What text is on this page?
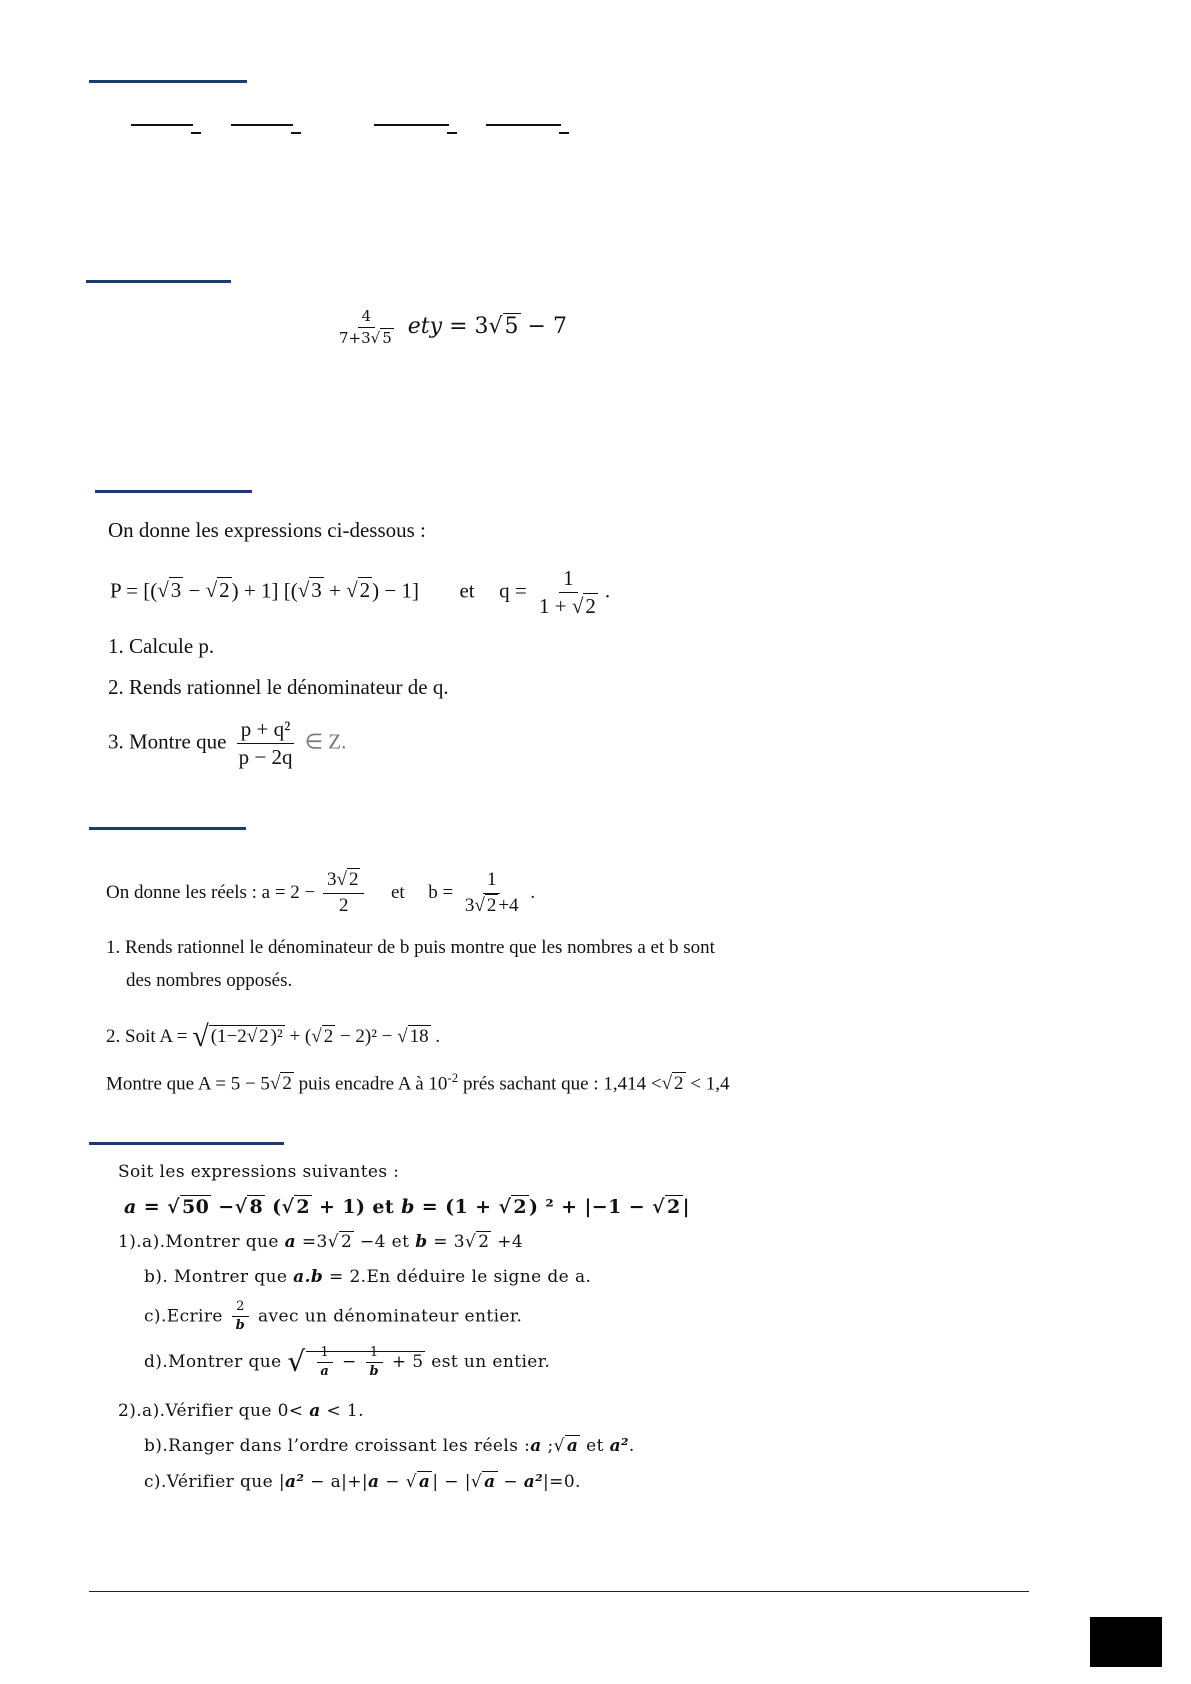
$\frac{4}{7+3√ 5}$ ety = 3√5 − 7
On donne les expressions ci-dessous :
P = [(√3 − √2) + 1] [(√3 + √2) − 1] et $q = \frac{1}{1 + √2}$ .
1. Calcule p.
2. Rends rationnel le dénominateur de q.
3. Montre que $\frac{\text{p + q²}}{p - 2q}$ ∈ Z.
On donne les réels : $a = 2 - \frac{3√ 2}{2}$ et $b = \frac{1}{3√ 2 +4}$ .
1. Rends rationnel le dénominateur de b puis montre que les nombres a et b sont
des nombres opposés.
2. Soit A = √ (1−2√ 2 )² + (√ 2 − 2)² − √ 18 .
Montre que A = 5 − 5√ 2 puis encadre A à $10^{-2}$ prés sachant que : 1,414 <√ 2 < 1,4
Soit les expressions suivantes :
a = √ 50 −√ 8 (√ 2 + 1) et b = (1 + √ 2 ) ² + |−1 − √ 2 |
1).a).Montrer que a =3√ 2 −4 et b = 3√ 2 +4
b). Montrer que a.b = 2.En déduire le signe de a.
c).Ecrire $\frac{2}{b}$ avec un dénominateur entier.
d).Montrer que √ $\frac{1}{a} - \frac{1}{b} + 5$ est un entier.
2).a).Vérifier que 0< a < 1.
b).Ranger dans l’ordre croissant les réels :a ;√ a et a².
c).Vérifier que |a² − a|+|a − √ a | − |√ a − a²|=0.
